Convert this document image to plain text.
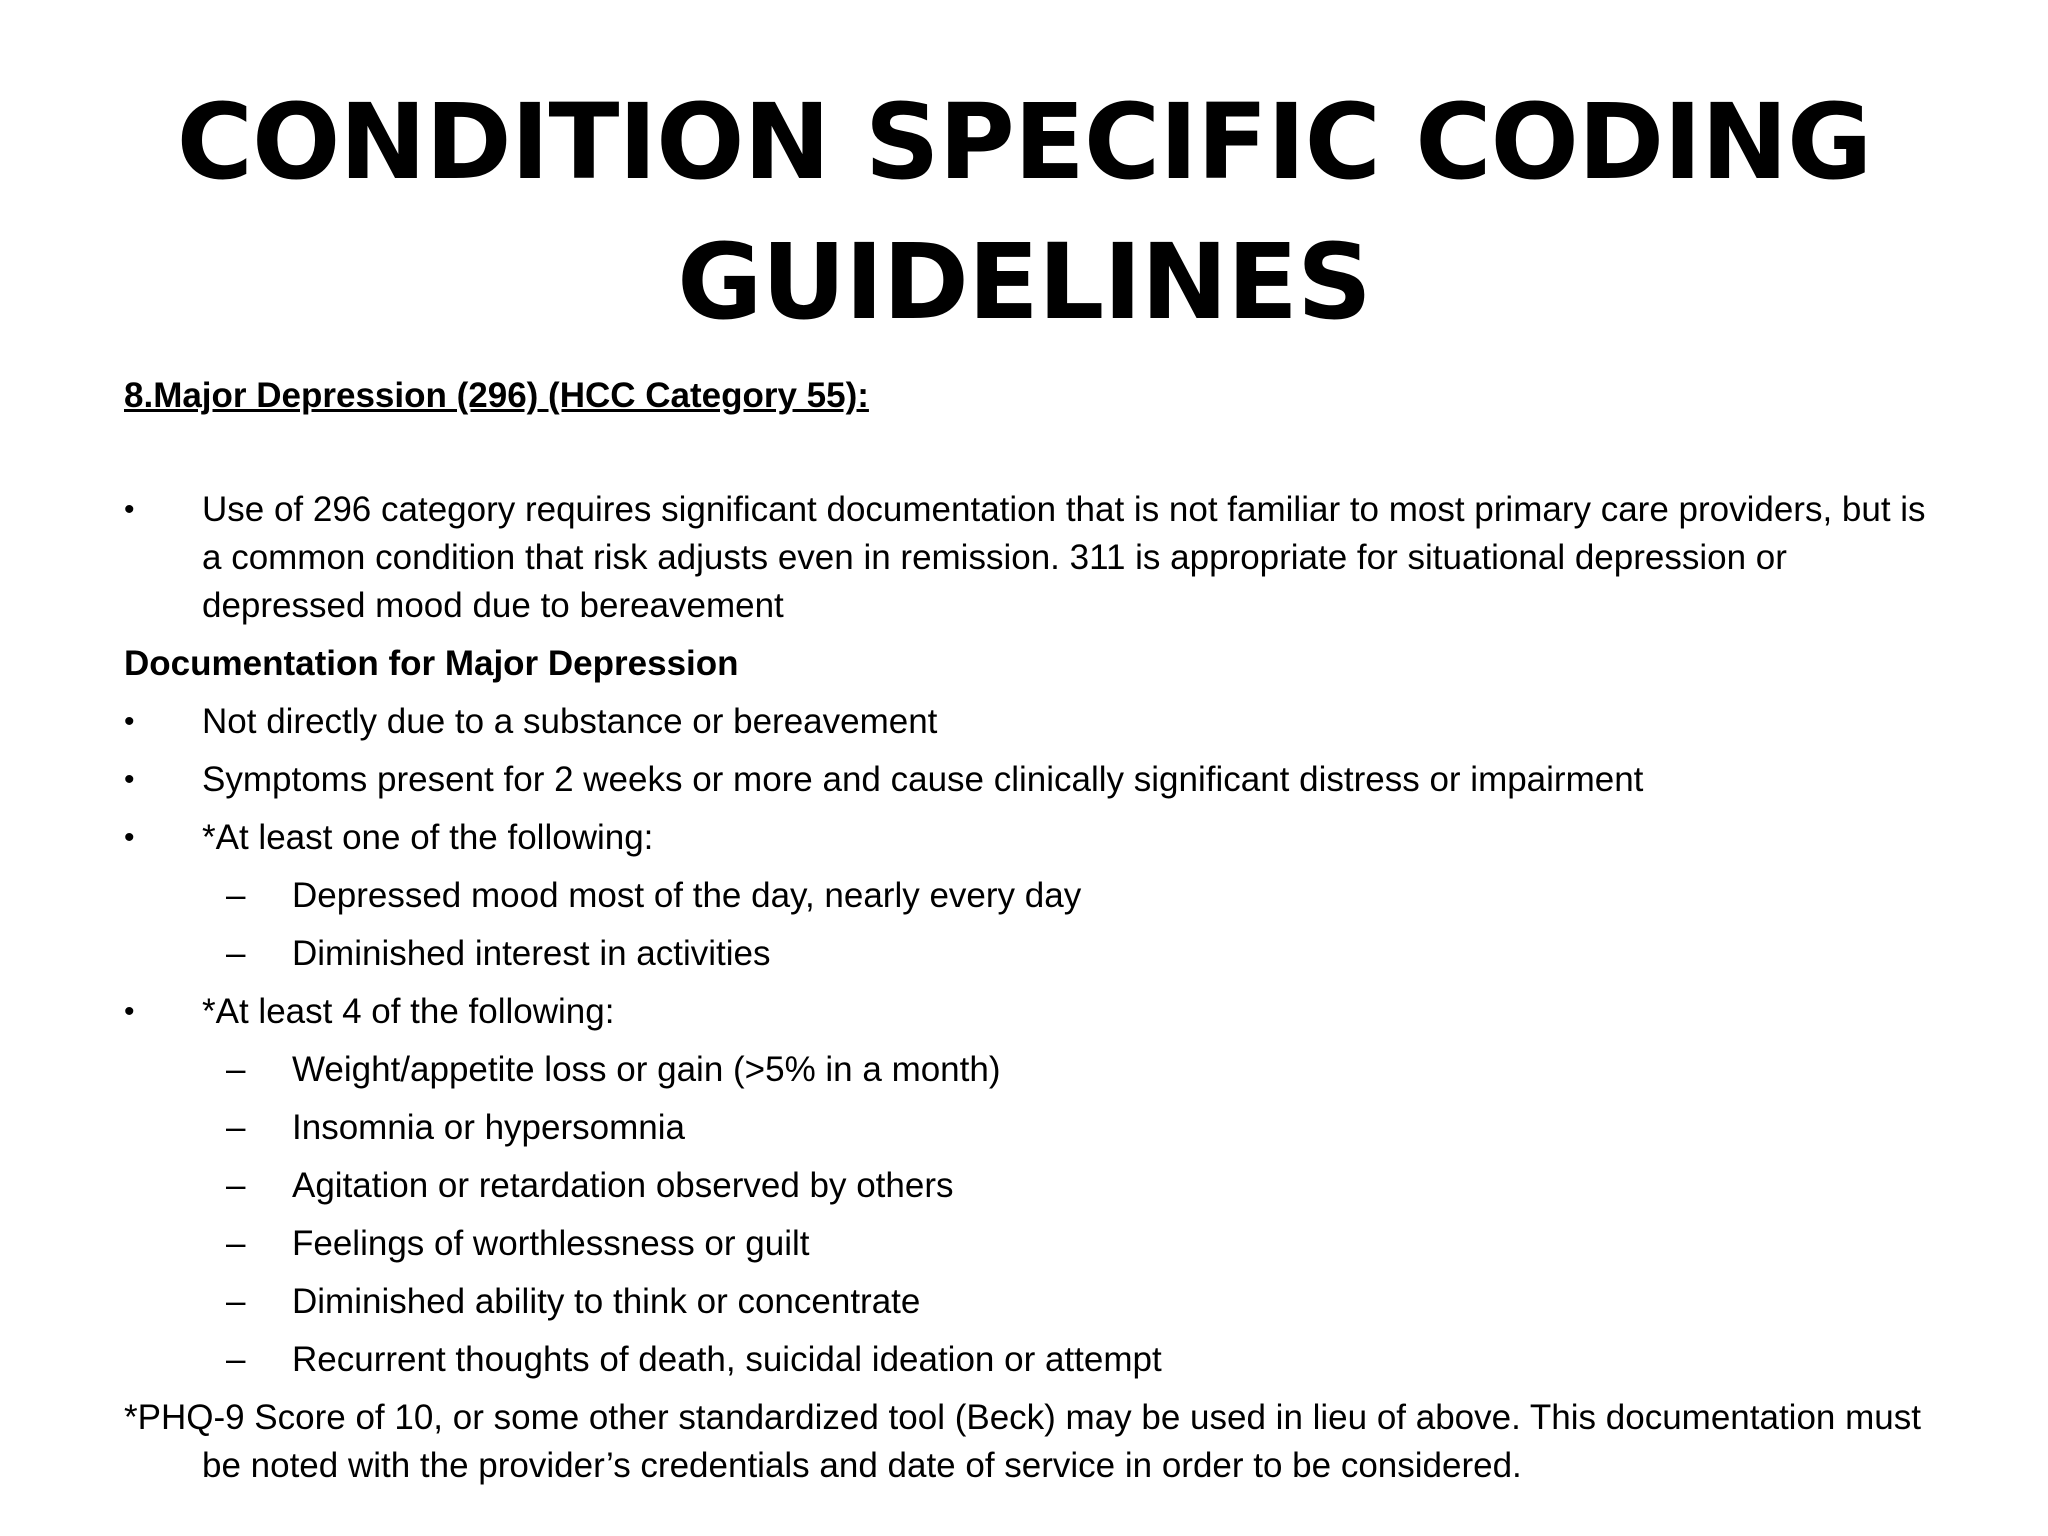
CONDITION SPECIFIC CODING
GUIDELINES
8.Major Depression (296) (HCC Category 55):
•	Use of 296 category requires significant documentation that is not familiar to most primary care providers, but is a common condition that risk adjusts even in remission. 311 is appropriate for situational depression or depressed mood due to bereavement
Documentation for Major Depression
•	Not directly due to a substance or bereavement
•	Symptoms present for 2 weeks or more and cause clinically significant distress or impairment
•	*At least one of the following:
–	Depressed mood most of the day, nearly every day
–	Diminished interest in activities
•	*At least 4 of the following:
–	Weight/appetite loss or gain (>5% in a month)
–	Insomnia or hypersomnia
–	Agitation or retardation observed by others
–	Feelings of worthlessness or guilt
–	Diminished ability to think or concentrate
–	Recurrent thoughts of death, suicidal ideation or attempt
*PHQ-9 Score of 10, or some other standardized tool (Beck) may be used in lieu of above. This documentation must be noted with the provider’s credentials and date of service in order to be considered.
